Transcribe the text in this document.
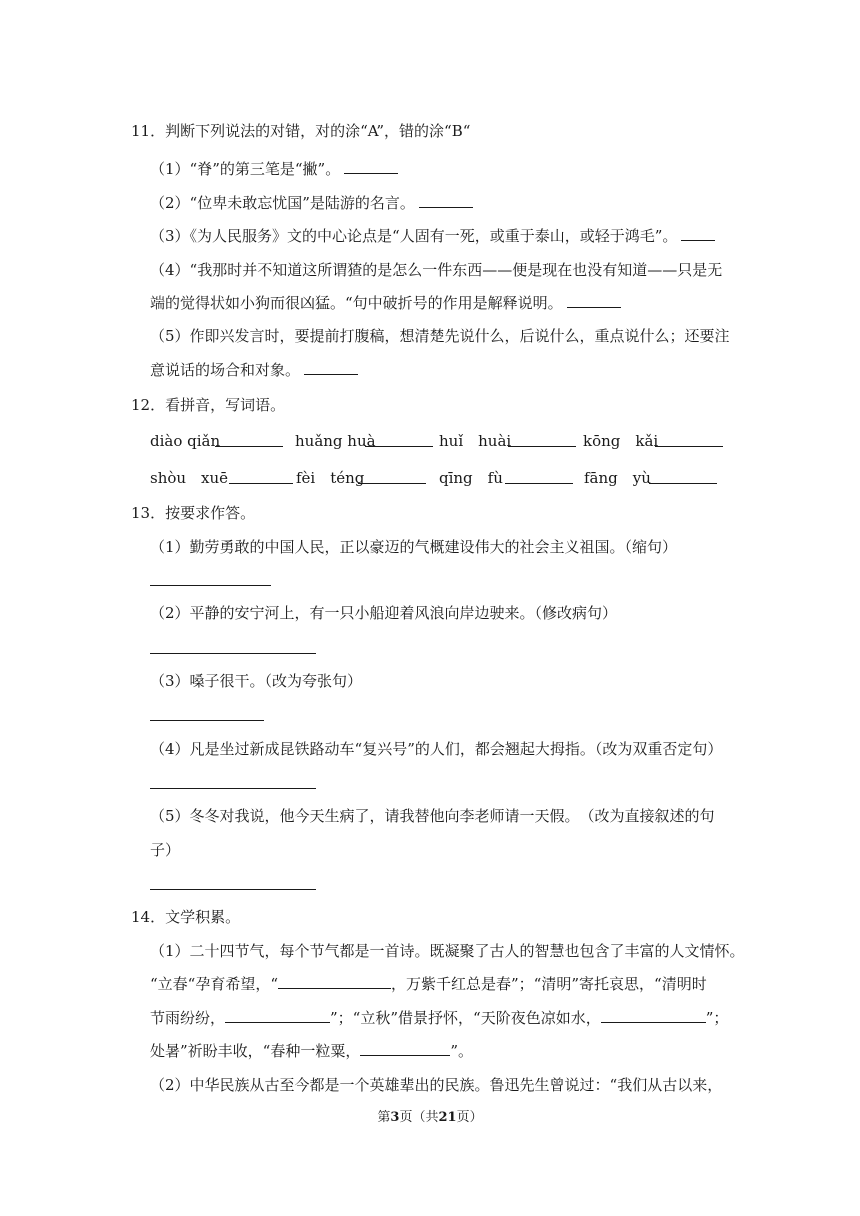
11．判断下列说法的对错，对的涂“A”，错的涂“B“
（1）“脊”的第三笔是“撇”。
（2）“位卑未敢忘忧国”是陆游的名言。
（3）《为人民服务》文的中心论点是“人固有一死，或重于泰山，或轻于鸿毛”。
（4）“我那时并不知道这所谓猹的是怎么一件东西——便是现在也没有知道——只是无
端的觉得状如小狗而很凶猛。“句中破折号的作用是解释说明。
（5）作即兴发言时，要提前打腹稿，想清楚先说什么，后说什么，重点说什么；还要注
意说话的场合和对象。
12．看拼音，写词语。
diào qiǎn	huǎng huà	huǐ　huài	kōng　kǎi
shòu　xuē	fèi　téng	qīng　fù	fāng　yù
13．按要求作答。
（1）勤劳勇敢的中国人民，正以豪迈的气概建设伟大的社会主义祖国。（缩句）
（2）平静的安宁河上，有一只小船迎着风浪向岸边驶来。（修改病句）
（3）嗓子很干。（改为夸张句）
（4）凡是坐过新成昆铁路动车“复兴号”的人们，都会翘起大拇指。（改为双重否定句）
（5）冬冬对我说，他今天生病了，请我替他向李老师请一天假。　（改为直接叙述的句
子）
14．文学积累。
（1）二十四节气，每个节气都是一首诗。既凝聚了古人的智慧也包含了丰富的人文情怀。
“立春“孕育希望，“	，万紫千红总是春”；“清明”寄托哀思，“清明时
节雨纷纷，	”；“立秋”借景抒怀，“天阶夜色凉如水，	”；
处暑”祈盼丰收，“春种一粒粟，	”。
（2）中华民族从古至今都是一个英雄辈出的民族。鲁迅先生曾说过：“我们从古以来，
第3页（共21页）
